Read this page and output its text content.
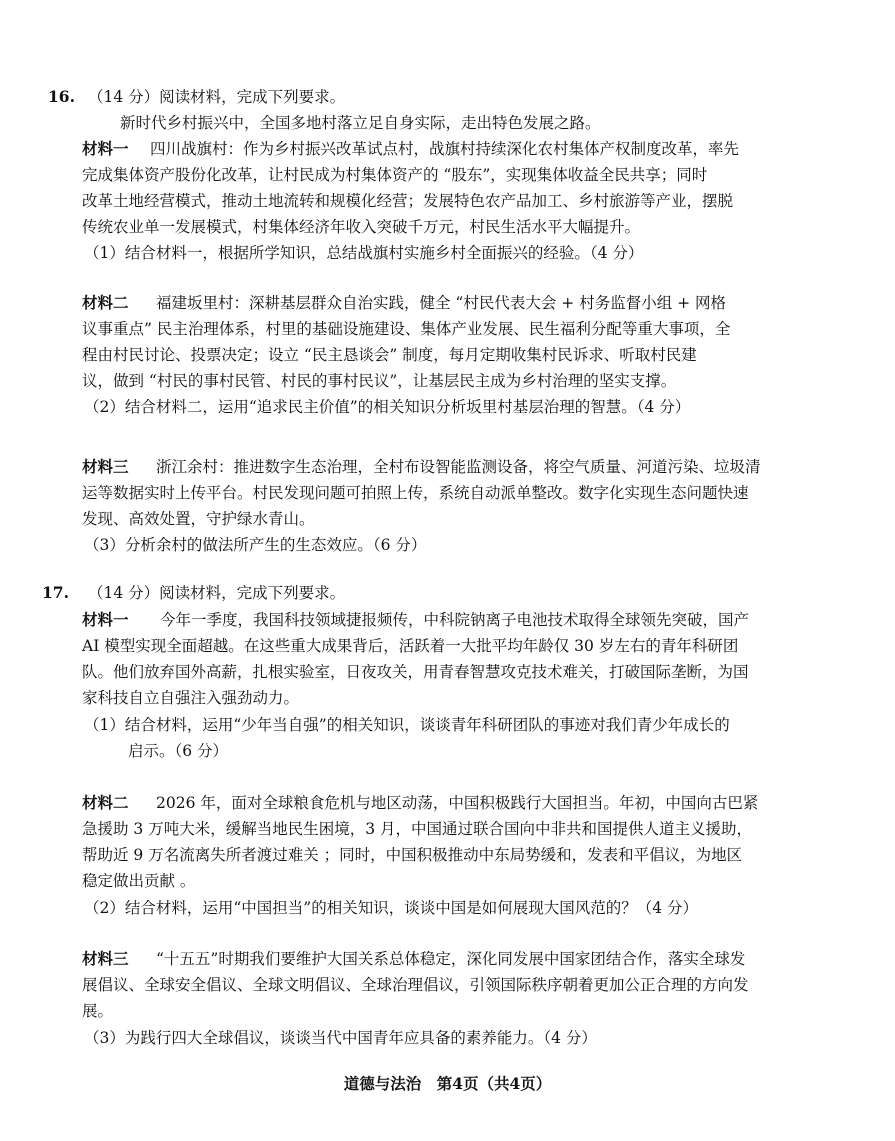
16. （14 分）阅读材料，完成下列要求。
新时代乡村振兴中，全国多地村落立足自身实际，走出特色发展之路。
材料一 四川战旗村：作为乡村振兴改革试点村，战旗村持续深化农村集体产权制度改革，率先
完成集体资产股份化改革，让村民成为村集体资产的 “股东”，实现集体收益全民共享；同时
改革土地经营模式，推动土地流转和规模化经营；发展特色农产品加工、乡村旅游等产业，摆脱
传统农业单一发展模式，村集体经济年收入突破千万元，村民生活水平大幅提升。
（1）结合材料一，根据所学知识，总结战旗村实施乡村全面振兴的经验。（4 分）
材料二 福建坂里村：深耕基层群众自治实践，健全 “村民代表大会 + 村务监督小组 + 网格
议事重点” 民主治理体系，村里的基础设施建设、集体产业发展、民生福利分配等重大事项，全
程由村民讨论、投票决定；设立 “民主恳谈会” 制度，每月定期收集村民诉求、听取村民建
议，做到 “村民的事村民管、村民的事村民议”，让基层民主成为乡村治理的坚实支撑。
（2）结合材料二，运用“追求民主价值”的相关知识分析坂里村基层治理的智慧。（4 分）
材料三 浙江余村：推进数字生态治理，全村布设智能监测设备，将空气质量、河道污染、垃圾清
运等数据实时上传平台。村民发现问题可拍照上传，系统自动派单整改。数字化实现生态问题快速
发现、高效处置，守护绿水青山。
（3）分析余村的做法所产生的生态效应。（6 分）
17. （14 分）阅读材料，完成下列要求。
材料一 今年一季度，我国科技领域捷报频传，中科院钠离子电池技术取得全球领先突破，国产
AI 模型实现全面超越。在这些重大成果背后，活跃着一大批平均年龄仅 30 岁左右的青年科研团
队。他们放弃国外高薪，扎根实验室，日夜攻关，用青春智慧攻克技术难关，打破国际垄断，为国
家科技自立自强注入强劲动力。
（1）结合材料，运用“少年当自强”的相关知识，谈谈青年科研团队的事迹对我们青少年成长的
启示。（6 分）
材料二 2026 年，面对全球粮食危机与地区动荡，中国积极践行大国担当。年初，中国向古巴紧
急援助 3 万吨大米，缓解当地民生困境，3 月，中国通过联合国向中非共和国提供人道主义援助，
帮助近 9 万名流离失所者渡过难关 ；同时，中国积极推动中东局势缓和，发表和平倡议，为地区
稳定做出贡献 。
（2）结合材料，运用“中国担当”的相关知识，谈谈中国是如何展现大国风范的？（4 分）
材料三 “十五五”时期我们要维护大国关系总体稳定，深化同发展中国家团结合作，落实全球发
展倡议、全球安全倡议、全球文明倡议、全球治理倡议，引领国际秩序朝着更加公正合理的方向发
展。
（3）为践行四大全球倡议，谈谈当代中国青年应具备的素养能力。（4 分）
道德与法治　第4页（共4页）
